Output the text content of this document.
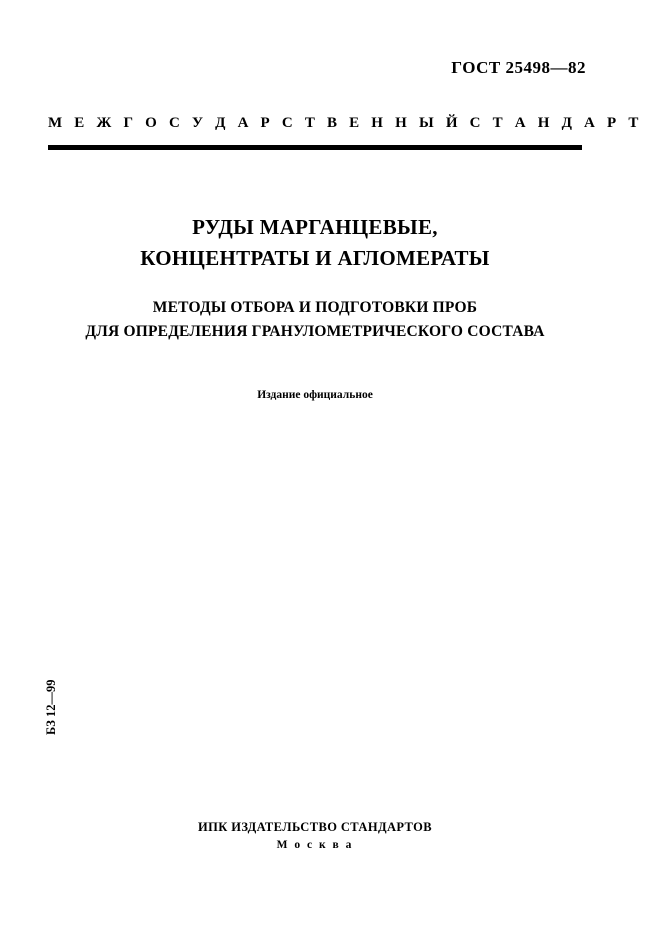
ГОСТ 25498—82
М Е Ж Г О С У Д А Р С Т В Е Н Н Ы Й С Т А Н Д А Р Т
РУДЫ МАРГАНЦЕВЫЕ,
КОНЦЕНТРАТЫ И АГЛОМЕРАТЫ
МЕТОДЫ ОТБОРА И ПОДГОТОВКИ ПРОБ
ДЛЯ ОПРЕДЕЛЕНИЯ ГРАНУЛОМЕТРИЧЕСКОГО СОСТАВА
Издание официальное
БЗ 12—99
ИПК ИЗДАТЕЛЬСТВО СТАНДАРТОВ
М о с к в а
